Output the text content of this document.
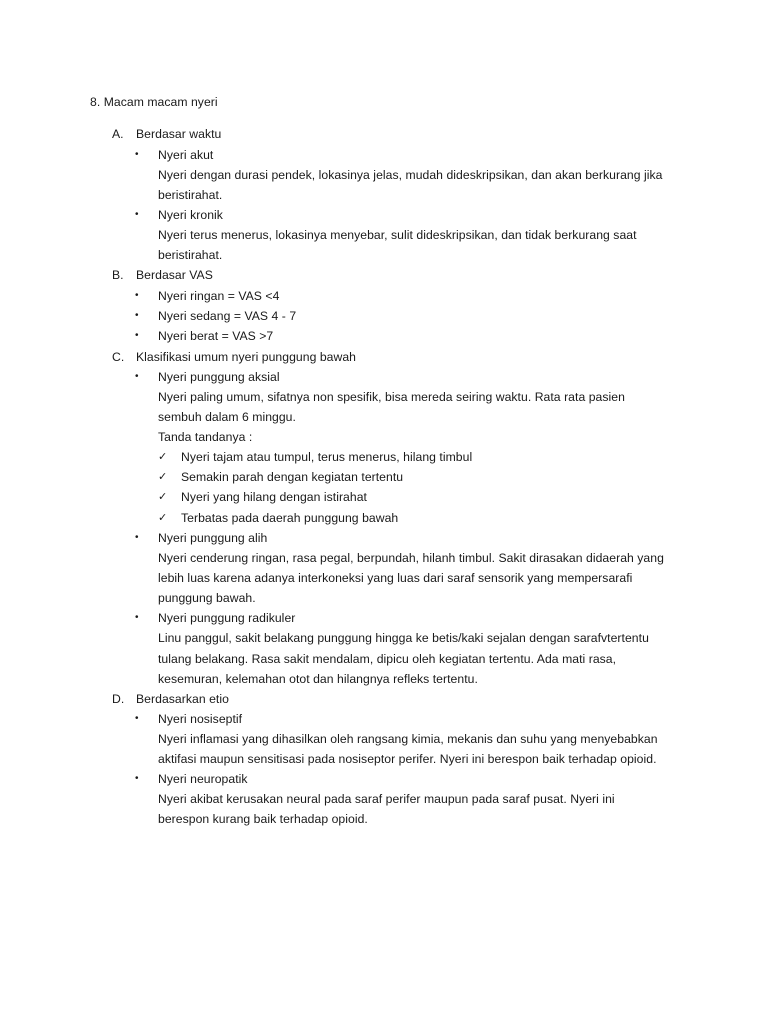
8. Macam macam nyeri
A. Berdasar waktu
• Nyeri akut
Nyeri dengan durasi pendek, lokasinya jelas, mudah dideskripsikan, dan akan berkurang jika
beristirahat.
• Nyeri kronik
Nyeri terus menerus, lokasinya menyebar, sulit dideskripsikan, dan tidak berkurang saat
beristirahat.
B. Berdasar VAS
• Nyeri ringan = VAS <4
• Nyeri sedang = VAS 4 - 7
• Nyeri berat = VAS >7
C. Klasifikasi umum nyeri punggung bawah
• Nyeri punggung aksial
Nyeri paling umum, sifatnya non spesifik, bisa mereda seiring waktu. Rata rata pasien
sembuh dalam 6 minggu.
Tanda tandanya :
✓ Nyeri tajam atau tumpul, terus menerus, hilang timbul
✓ Semakin parah dengan kegiatan tertentu
✓ Nyeri yang hilang dengan istirahat
✓ Terbatas pada daerah punggung bawah
• Nyeri punggung alih
Nyeri cenderung ringan, rasa pegal, berpundah, hilanh timbul. Sakit dirasakan didaerah yang
lebih luas karena adanya interkoneksi yang luas dari saraf sensorik yang mempersarafi
punggung bawah.
• Nyeri punggung radikuler
Linu panggul, sakit belakang punggung hingga ke betis/kaki sejalan dengan sarafvtertentu
tulang belakang. Rasa sakit mendalam, dipicu oleh kegiatan tertentu. Ada mati rasa,
kesemuran, kelemahan otot dan hilangnya refleks tertentu.
D. Berdasarkan etio
• Nyeri nosiseptif
Nyeri inflamasi yang dihasilkan oleh rangsang kimia, mekanis dan suhu yang menyebabkan
aktifasi maupun sensitisasi pada nosiseptor perifer. Nyeri ini berespon baik terhadap opioid.
• Nyeri neuropatik
Nyeri akibat kerusakan neural pada saraf perifer maupun pada saraf pusat. Nyeri ini
berespon kurang baik terhadap opioid.
